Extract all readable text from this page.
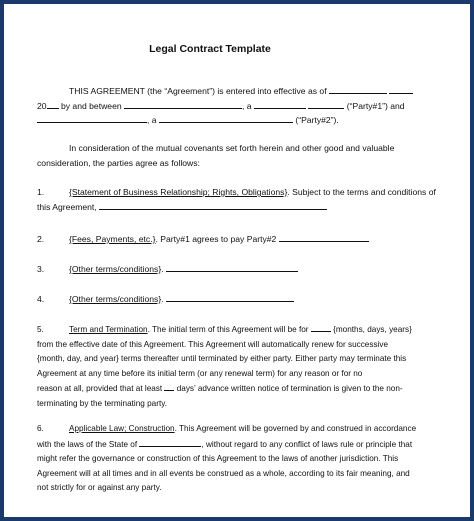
Legal Contract Template
THIS AGREEMENT (the “Agreement”) is entered into effective as of
20 by and between	, a	(“Party#1”) and
, a	(“Party#2”).
In consideration of the mutual covenants set forth herein and other good and valuable
consideration, the parties agree as follows:
1.	{Statement of Business Relationship; Rights, Obligations}. Subject to the terms and conditions of
this Agreement,
2.	{Fees, Payments, etc.}. Party#1 agrees to pay Party#2
3.	{Other terms/conditions}.
4.	{Other terms/conditions}.
5.	Term and Termination. The initial term of this Agreement will be for	{months, days, years}
from the effective date of this Agreement. This Agreement will automatically renew for successive
{month, day, and year} terms thereafter until terminated by either party. Either party may terminate this
Agreement at any time before its initial term (or any renewal term) for any reason or for no
reason at all, provided that at least days’ advance written notice of termination is given to the non-
terminating by the terminating party.
6.	Applicable Law; Construction. This Agreement will be governed by and construed in accordance
with the laws of the State of	, without regard to any conflict of laws rule or principle that
might refer the governance or construction of this Agreement to the laws of another jurisdiction. This
Agreement will at all times and in all events be construed as a whole, according to its fair meaning, and
not strictly for or against any party.
